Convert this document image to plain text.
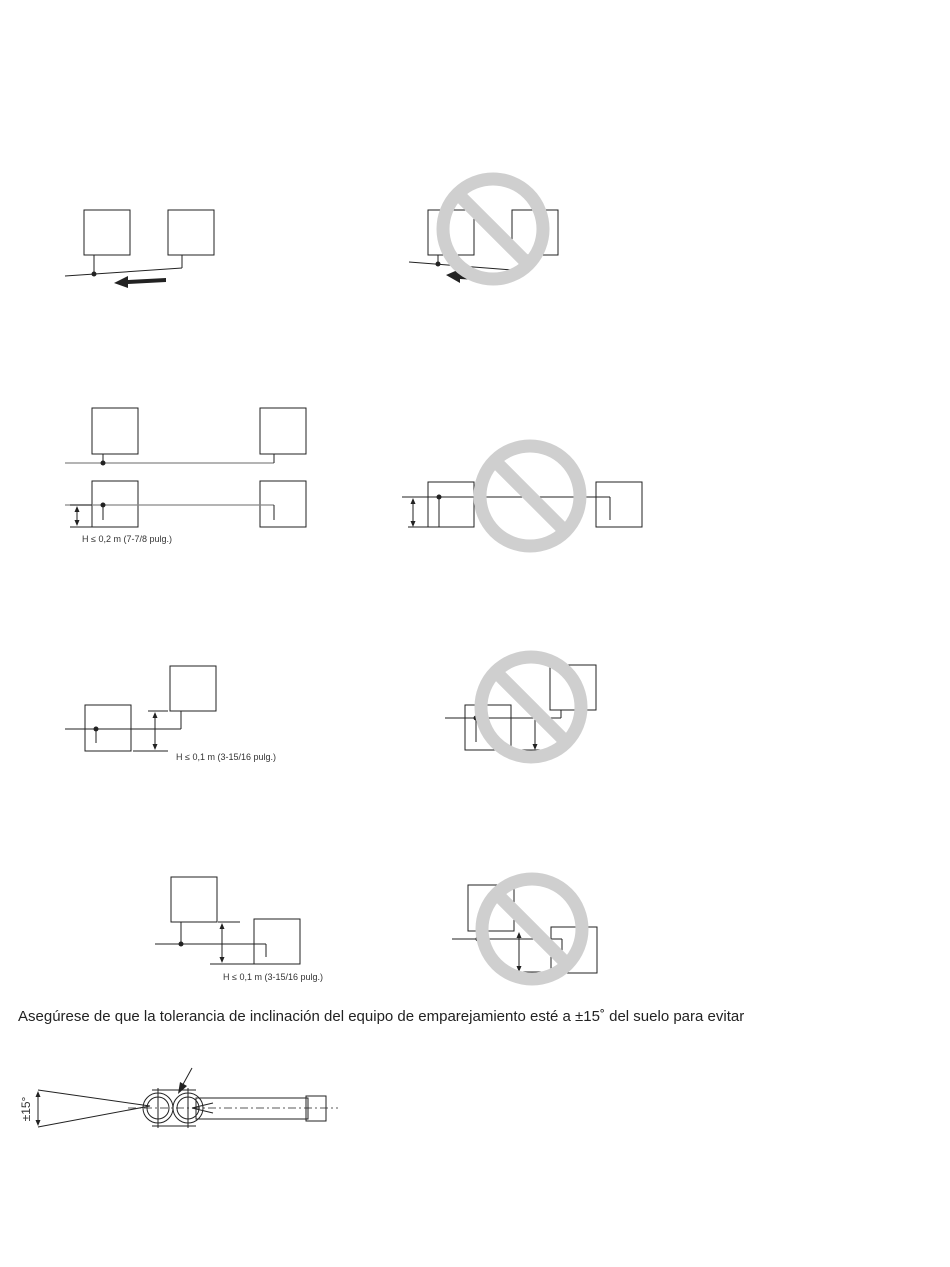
H ≤ 0,2 m (7-7/8 pulg.)
H ≤ 0,1 m (3-15/16 pulg.)
H ≤ 0,1 m (3-15/16 pulg.)
±15°
Asegúrese de que la tolerancia de inclinación del equipo de emparejamiento esté a ±15˚ del suelo para evitar
